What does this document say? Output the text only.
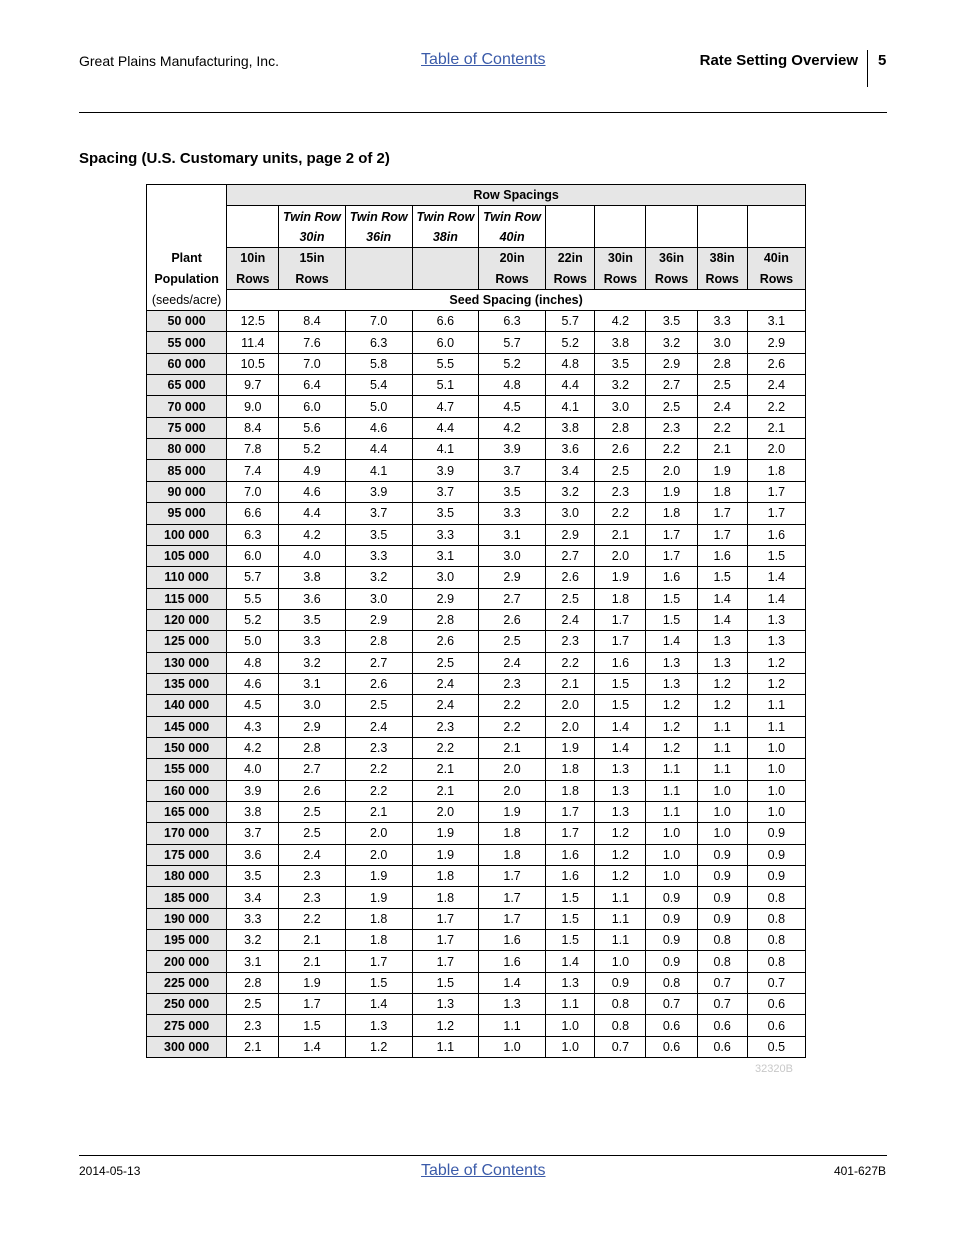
Great Plains Manufacturing, Inc.	Table of Contents	Rate Setting Overview 5
Spacing (U.S. Customary units, page 2 of 2)
	Row Spacings									
		Twin Row	Twin Row	Twin Row	Twin Row					
		30in	36in	38in	40in					
Plant	10in	15in			20in	22in	30in	36in	38in	40in
Population	Rows	Rows			Rows	Rows	Rows	Rows	Rows	Rows
(seeds/acre)	Seed Spacing (inches)									
50 000	12.5	8.4	7.0	6.6	6.3	5.7	4.2	3.5	3.3	3.1
55 000	11.4	7.6	6.3	6.0	5.7	5.2	3.8	3.2	3.0	2.9
60 000	10.5	7.0	5.8	5.5	5.2	4.8	3.5	2.9	2.8	2.6
65 000	9.7	6.4	5.4	5.1	4.8	4.4	3.2	2.7	2.5	2.4
70 000	9.0	6.0	5.0	4.7	4.5	4.1	3.0	2.5	2.4	2.2
75 000	8.4	5.6	4.6	4.4	4.2	3.8	2.8	2.3	2.2	2.1
80 000	7.8	5.2	4.4	4.1	3.9	3.6	2.6	2.2	2.1	2.0
85 000	7.4	4.9	4.1	3.9	3.7	3.4	2.5	2.0	1.9	1.8
90 000	7.0	4.6	3.9	3.7	3.5	3.2	2.3	1.9	1.8	1.7
95 000	6.6	4.4	3.7	3.5	3.3	3.0	2.2	1.8	1.7	1.7
100 000	6.3	4.2	3.5	3.3	3.1	2.9	2.1	1.7	1.7	1.6
105 000	6.0	4.0	3.3	3.1	3.0	2.7	2.0	1.7	1.6	1.5
110 000	5.7	3.8	3.2	3.0	2.9	2.6	1.9	1.6	1.5	1.4
115 000	5.5	3.6	3.0	2.9	2.7	2.5	1.8	1.5	1.4	1.4
120 000	5.2	3.5	2.9	2.8	2.6	2.4	1.7	1.5	1.4	1.3
125 000	5.0	3.3	2.8	2.6	2.5	2.3	1.7	1.4	1.3	1.3
130 000	4.8	3.2	2.7	2.5	2.4	2.2	1.6	1.3	1.3	1.2
135 000	4.6	3.1	2.6	2.4	2.3	2.1	1.5	1.3	1.2	1.2
140 000	4.5	3.0	2.5	2.4	2.2	2.0	1.5	1.2	1.2	1.1
145 000	4.3	2.9	2.4	2.3	2.2	2.0	1.4	1.2	1.1	1.1
150 000	4.2	2.8	2.3	2.2	2.1	1.9	1.4	1.2	1.1	1.0
155 000	4.0	2.7	2.2	2.1	2.0	1.8	1.3	1.1	1.1	1.0
160 000	3.9	2.6	2.2	2.1	2.0	1.8	1.3	1.1	1.0	1.0
165 000	3.8	2.5	2.1	2.0	1.9	1.7	1.3	1.1	1.0	1.0
170 000	3.7	2.5	2.0	1.9	1.8	1.7	1.2	1.0	1.0	0.9
175 000	3.6	2.4	2.0	1.9	1.8	1.6	1.2	1.0	0.9	0.9
180 000	3.5	2.3	1.9	1.8	1.7	1.6	1.2	1.0	0.9	0.9
185 000	3.4	2.3	1.9	1.8	1.7	1.5	1.1	0.9	0.9	0.8
190 000	3.3	2.2	1.8	1.7	1.7	1.5	1.1	0.9	0.9	0.8
195 000	3.2	2.1	1.8	1.7	1.6	1.5	1.1	0.9	0.8	0.8
200 000	3.1	2.1	1.7	1.7	1.6	1.4	1.0	0.9	0.8	0.8
225 000	2.8	1.9	1.5	1.5	1.4	1.3	0.9	0.8	0.7	0.7
250 000	2.5	1.7	1.4	1.3	1.3	1.1	0.8	0.7	0.7	0.6
275 000	2.3	1.5	1.3	1.2	1.1	1.0	0.8	0.6	0.6	0.6
300 000	2.1	1.4	1.2	1.1	1.0	1.0	0.7	0.6	0.6	0.5
32320B
2014-05-13	Table of Contents	401-627B
